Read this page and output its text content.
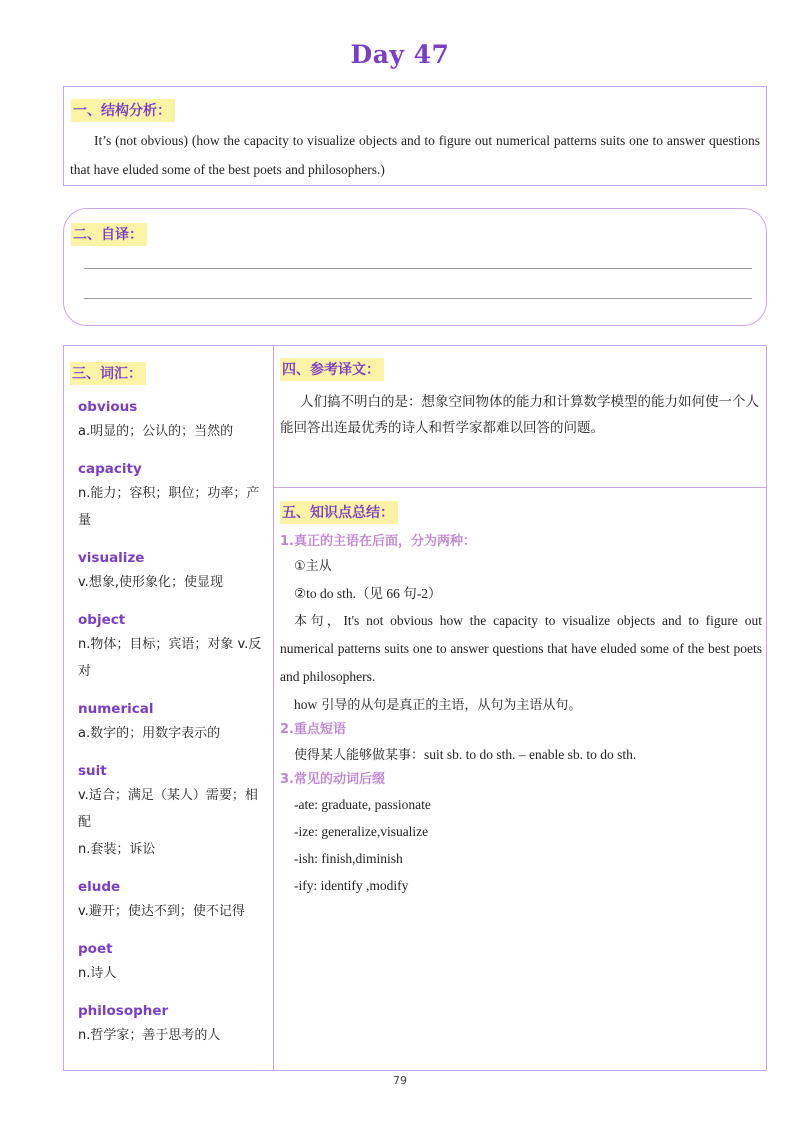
Day 47
一、结构分析：
It’s (not obvious) (how the capacity to visualize objects and to figure out numerical patterns suits one to answer questions that have eluded some of the best poets and philosophers.)
二、自译：
三、词汇：
obvious
a.明显的；公认的；当然的
capacity
n.能力；容积；职位；功率；产量
visualize
v.想象,使形象化；使显现
object
n.物体；目标；宾语；对象 v.反对
numerical
a.数字的；用数字表示的
suit
v.适合；满足（某人）需要；相配
n.套装；诉讼
elude
v.避开；使达不到；使不记得
poet
n.诗人
philosopher
n.哲学家；善于思考的人
四、参考译文：
人们搞不明白的是：想象空间物体的能力和计算数学模型的能力如何使一个人能回答出连最优秀的诗人和哲学家都难以回答的问题。
五、知识点总结：
1.真正的主语在后面，分为两种：
①主从
②to do sth.（见 66 句-2）
本句，It's not obvious how the capacity to visualize objects and to figure out numerical patterns suits one to answer questions that have eluded some of the best poets and philosophers.
how 引导的从句是真正的主语，从句为主语从句。
2.重点短语
使得某人能够做某事：suit sb. to do sth. – enable sb. to do sth.
3.常见的动词后缀
-ate: graduate, passionate
-ize: generalize,visualize
-ish: finish,diminish
-ify: identify ,modify
79
